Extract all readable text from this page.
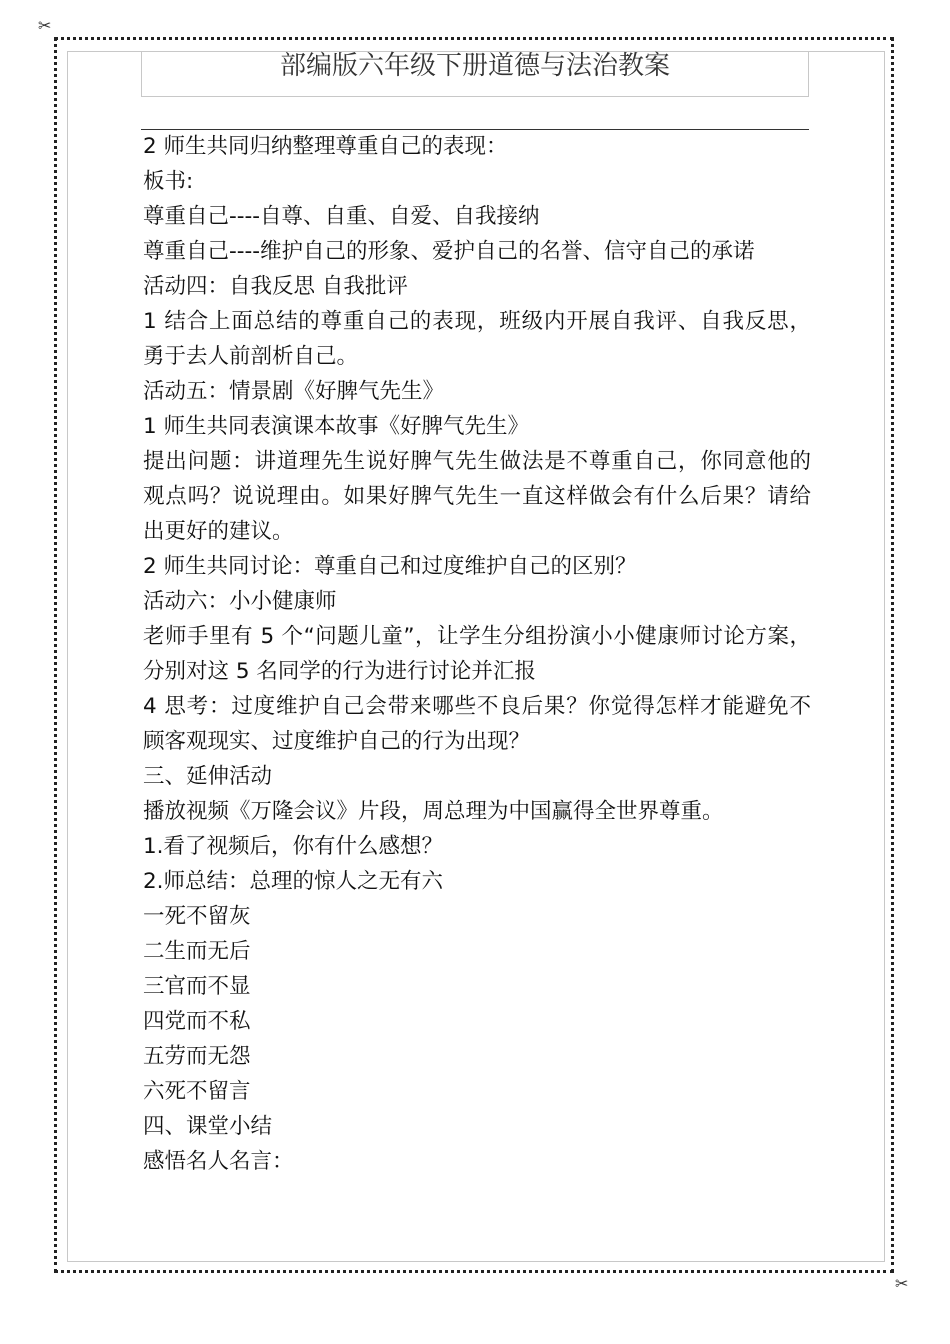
✂
✂
部编版六年级下册道德与法治教案
2 师生共同归纳整理尊重自己的表现：
板书:
尊重自己----自尊、自重、自爱、自我接纳
尊重自己----维护自己的形象、爱护自己的名誉、信守自己的承诺
活动四：自我反思 自我批评
1 结合上面总结的尊重自己的表现，班级内开展自我评、自我反思，
勇于去人前剖析自己。
活动五：情景剧《好脾气先生》
1 师生共同表演课本故事《好脾气先生》
提出问题：讲道理先生说好脾气先生做法是不尊重自己，你同意他的
观点吗？说说理由。如果好脾气先生一直这样做会有什么后果？请给
出更好的建议。
2 师生共同讨论：尊重自己和过度维护自己的区别？
活动六：小小健康师
老师手里有 5 个“问题儿童”，让学生分组扮演小小健康师讨论方案，
分别对这 5 名同学的行为进行讨论并汇报
4 思考：过度维护自己会带来哪些不良后果？你觉得怎样才能避免不
顾客观现实、过度维护自己的行为出现？
三、延伸活动
播放视频《万隆会议》片段，周总理为中国赢得全世界尊重。
1.看了视频后，你有什么感想？
2.师总结：总理的惊人之无有六
一死不留灰
二生而无后
三官而不显
四党而不私
五劳而无怨
六死不留言
四、课堂小结
感悟名人名言：
